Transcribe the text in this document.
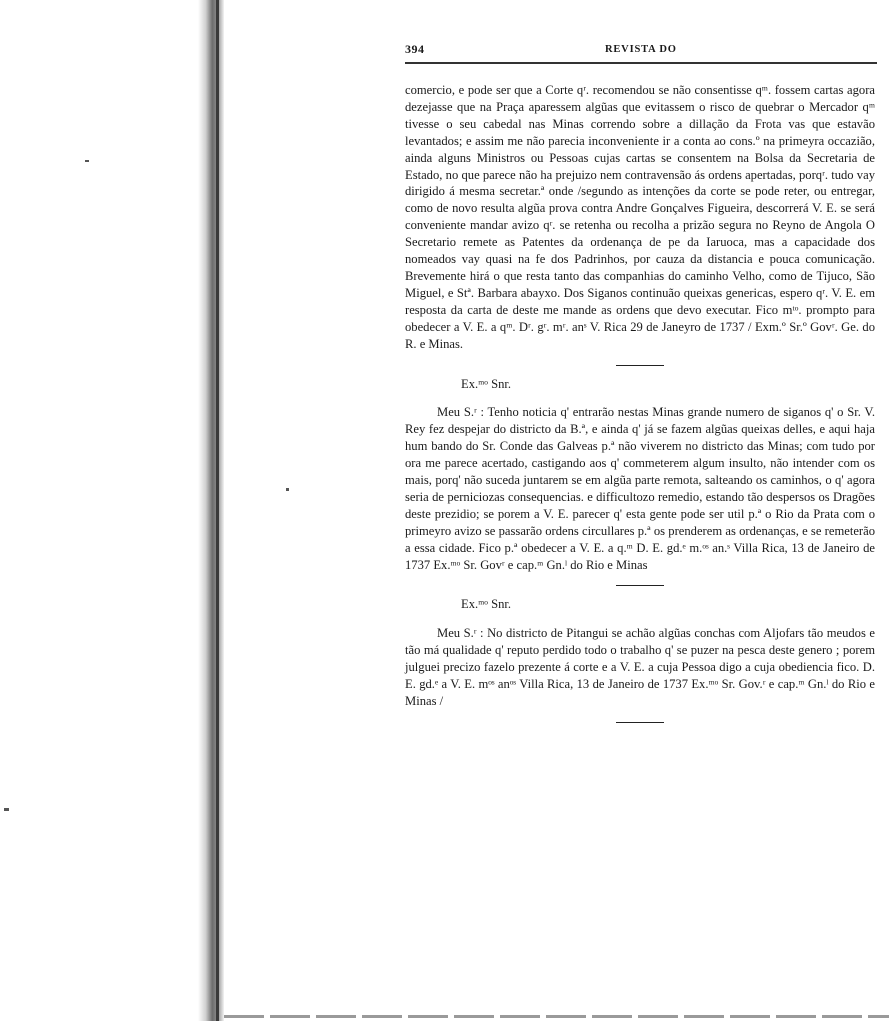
394	REVISTA DO

comercio, e pode ser que a Corte qʳ. recomendou se não consentisse qᵐ. fossem cartas agora dezejasse que na Praça aparessem algũas que evitassem o risco de quebrar o Mercador qᵐ tivesse o seu cabedal nas Minas correndo sobre a dillação da Frota vas que estavão levantados; e assim me não parecia inconveniente ir a conta ao cons.º na primeyra occazião, ainda alguns Ministros ou Pessoas cujas cartas se consentem na Bolsa da Secretaria de Estado, no que parece não ha prejuizo nem contravensão ás ordens apertadas, porqʳ. tudo vay dirigido á mesma secretar.ª onde /segundo as intenções da corte se pode reter, ou entregar, como de novo resulta algũa prova contra Andre Gonçalves Figueira, descorrerá V. E. se será conveniente mandar avizo qʳ. se retenha ou recolha a prizão segura no Reyno de Angola O Secretario remete as Patentes da ordenança de pe da Iaruoca, mas a capacidade dos nomeados vay quasi na fe dos Padrinhos, por cauza da distancia e pouca comunicação. Brevemente hirá o que resta tanto das companhias do caminho Velho, como de Tijuco, São Miguel, e Stª. Barbara abayxo. Dos Siganos continuão queixas genericas, espero qʳ. V. E. em resposta da carta de deste me mande as ordens que devo executar. Fico mᵗᵒ. prompto para obedecer a V. E. a qᵐ. Dʳ. gʳ. mʳ. anˢ V. Rica 29 de Janeyro de 1737 / Exm.º Sr.º Govʳ. Ge. do R. e Minas.

Ex.ᵐᵒ Snr.

Meu S.ʳ : Tenho noticia q' entrarão nestas Minas grande numero de siganos q' o Sr. V. Rey fez despejar do districto da B.ª, e ainda q' já se fazem algũas queixas delles, e aqui haja hum bando do Sr. Conde das Galveas p.ª não viverem no districto das Minas; com tudo por ora me parece acertado, castigando aos q' commeterem algum insulto, não intender com os mais, porq' não suceda juntarem se em algũa parte remota, salteando os caminhos, o q' agora seria de perniciozas consequencias. e difficultozo remedio, estando tão despersos os Dragões deste prezidio; se porem a V. E. parecer q' esta gente pode ser util p.ª o Rio da Prata com o primeyro avizo se passarão ordens circullares p.ª os prenderem as ordenanças, e se remeterão a essa cidade. Fico p.ª obedecer a V. E. a q.ᵐ D. E. gd.ᵉ m.ᵒˢ an.ˢ Villa Rica, 13 de Janeiro de 1737 Ex.ᵐᵒ Sr. Govʳ e cap.ᵐ Gn.ˡ do Rio e Minas

Ex.ᵐᵒ Snr.

Meu S.ʳ : No districto de Pitangui se achão algũas conchas com Aljofars tão meudos e tão má qualidade q' reputo perdido todo o trabalho q' se puzer na pesca deste genero ; porem julguei precizo fazelo prezente á corte e a V. E. a cuja Pessoa digo a cuja obediencia fico. D. E. gd.ᵉ a V. E. mᵒˢ anᵒˢ Villa Rica, 13 de Janeiro de 1737 Ex.ᵐᵒ Sr. Gov.ʳ e cap.ᵐ Gn.ˡ do Rio e Minas /
